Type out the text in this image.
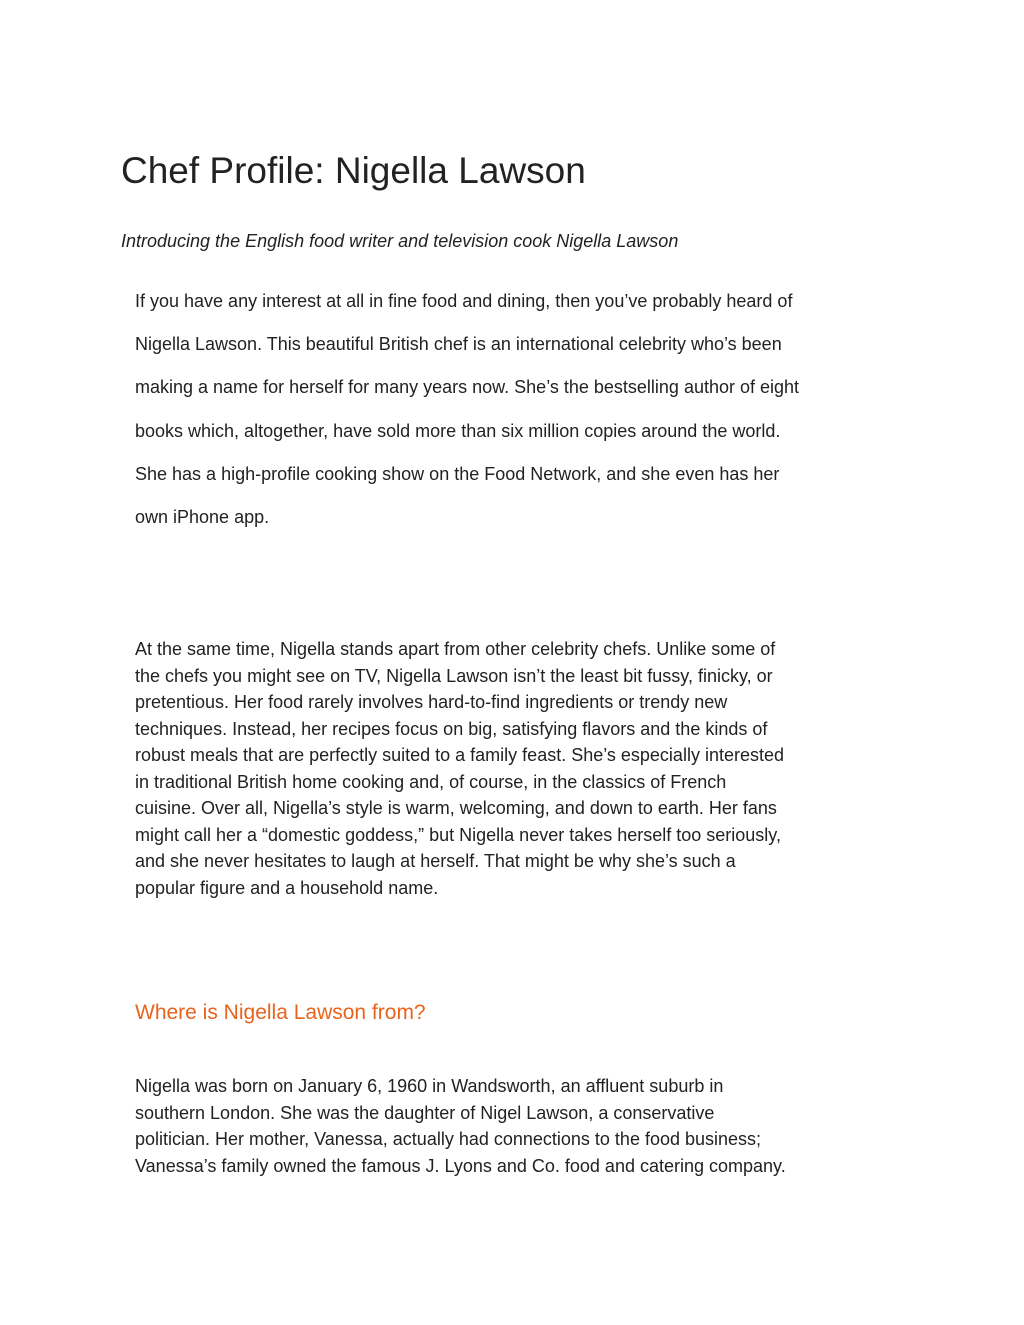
Chef Profile: Nigella Lawson

Introducing the English food writer and television cook Nigella Lawson

If you have any interest at all in fine food and dining, then you’ve probably heard of
Nigella Lawson. This beautiful British chef is an international celebrity who’s been
making a name for herself for many years now. She’s the bestselling author of eight
books which, altogether, have sold more than six million copies around the world.
She has a high-profile cooking show on the Food Network, and she even has her
own iPhone app.

At the same time, Nigella stands apart from other celebrity chefs. Unlike some of
the chefs you might see on TV, Nigella Lawson isn’t the least bit fussy, finicky, or
pretentious. Her food rarely involves hard-to-find ingredients or trendy new
techniques. Instead, her recipes focus on big, satisfying flavors and the kinds of
robust meals that are perfectly suited to a family feast. She’s especially interested
in traditional British home cooking and, of course, in the classics of French
cuisine. Over all, Nigella’s style is warm, welcoming, and down to earth. Her fans
might call her a “domestic goddess,” but Nigella never takes herself too seriously,
and she never hesitates to laugh at herself. That might be why she’s such a
popular figure and a household name.

Where is Nigella Lawson from?

Nigella was born on January 6, 1960 in Wandsworth, an affluent suburb in
southern London. She was the daughter of Nigel Lawson, a conservative
politician. Her mother, Vanessa, actually had connections to the food business;
Vanessa’s family owned the famous J. Lyons and Co. food and catering company.
